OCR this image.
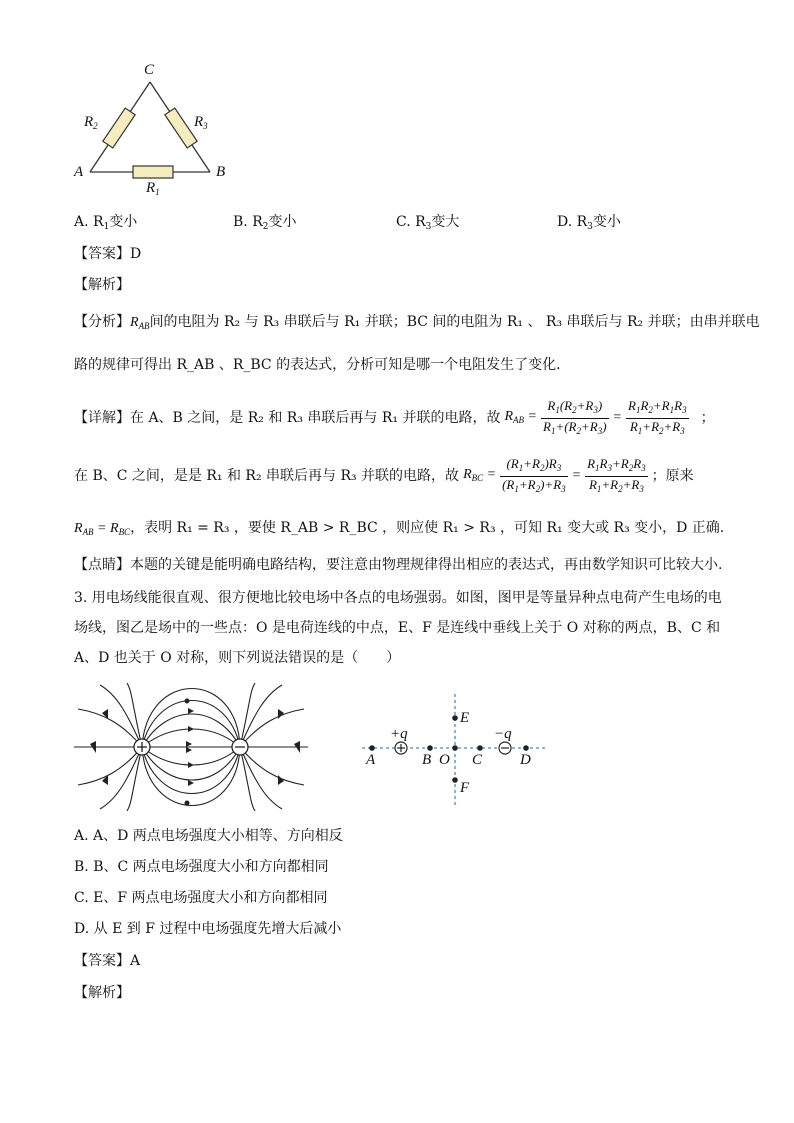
C
A	B
$R_2$	$R_3$
$R_1$
A. $R_1$变小	B. $R_2$变小	C. $R_3$变大	D. $R_3$变小
【答案】D
【解析】
【分析】$R_{AB}$间的电阻为 R₂ 与 R₃ 串联后与 R₁ 并联；BC 间的电阻为 R₁ 、 R₃ 串联后与 R₂ 并联；由串并联电
路的规律可得出 R_AB 、R_BC 的表达式，分析可知是哪一个电阻发生了变化．
【详解】 在 A、B 之间，是 R₂ 和 R₃ 串联后再与 R₁ 并联的电路，故 $R_{AB} = \frac{R_1(R_2+R_3)}{R_1+(R_2+R_3)} = \frac{R_1R_2+R_1R_3}{R_1+R_2+R_3}$ ；
在 B、C 之间，是是 R₁ 和 R₂ 串联后再与 R₃ 并联的电路，故 $R_{BC} = \frac{(R_1+R_2)R_3}{(R_1+R_2)+R_3} = \frac{R_1R_3+R_2R_3}{R_1+R_2+R_3}$ ；原来
$R_{AB} = R_{BC}$，表明 R₁ = R₃ ，要使 R_AB > R_BC ，则应使 R₁ > R₃ ，可知 R₁ 变大或 R₃ 变小，D 正确.
【点睛】本题的关键是能明确电路结构，要注意由物理规律得出相应的表达式，再由数学知识可比较大小.
3. 用电场线能很直观、很方便地比较电场中各点的电场强弱。如图，图甲是等量异种点电荷产生电场的电
场线，图乙是场中的一些点：O 是电荷连线的中点，E、F 是连线中垂线上关于 O 对称的两点，B、C 和
A、D 也关于 O 对称，则下列说法错误的是（　　）
A	B O C	D
E
F
+q	−q
A. A、D 两点电场强度大小相等、方向相反
B. B、C 两点电场强度大小和方向都相同
C. E、F 两点电场强度大小和方向都相同
D. 从 E 到 F 过程中电场强度先增大后减小
【答案】A
【解析】
